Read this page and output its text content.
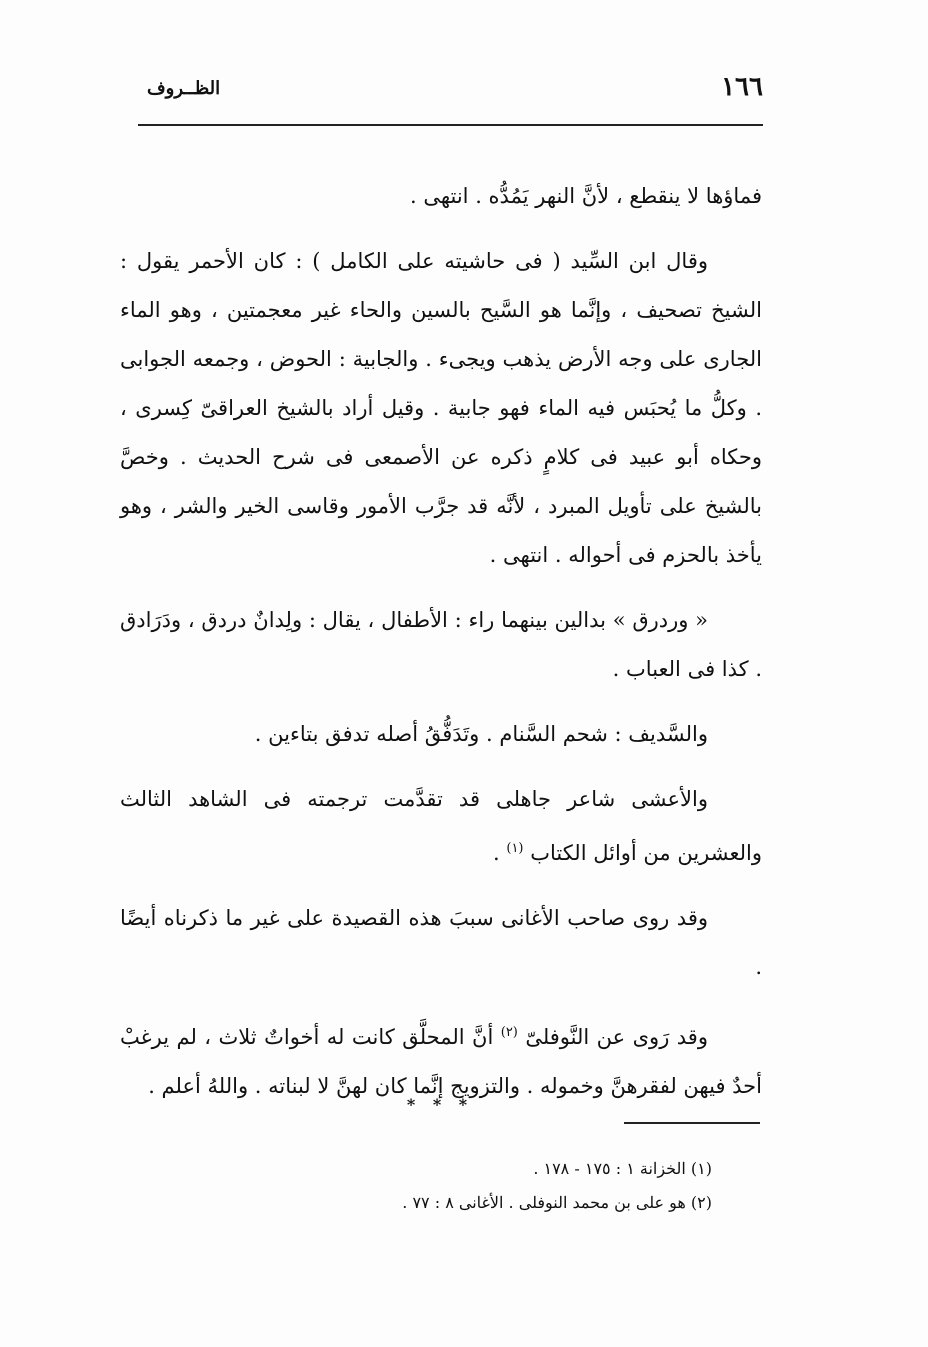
١٦٦
الظــروف

فماؤها لا ينقطع ، لأنَّ النهر يَمُدُّه . انتهى .

وقال ابن السِّيد ( فى حاشيته على الكامل ) : كان الأحمر يقول : الشيخ تصحيف ، وإنَّما هو السَّيح بالسين والحاء غير معجمتين ، وهو الماء الجارى على وجه الأرض يذهب ويجىء . والجابية : الحوض ، وجمعه الجوابى . وكلُّ ما يُحبَس فيه الماء فهو جابية . وقيل أراد بالشيخ العراقىّ كِسرى ، وحكاه أبو عبيد فى كلامٍ ذكره عن الأصمعى فى شرح الحديث . وخصَّ بالشيخ على تأويل المبرد ، لأنَّه قد جرَّب الأمور وقاسى الخير والشر ، وهو يأخذ بالحزم فى أحواله . انتهى .

« وردرق » بدالين بينهما راء : الأطفال ، يقال : ولِدانٌ دردق ، ودَرَادق . كذا فى العباب .

والسَّديف : شحم السَّنام . وتَدَفُّقُ أصله تدفق بتاءين .

والأعشى شاعر جاهلى قد تقدَّمت ترجمته فى الشاهد الثالث والعشرين من أوائل الكتاب $^{(١)}$ .

وقد روى صاحب الأغانى سببَ هذه القصيدة على غير ما ذكرناه أيضًا .

وقد رَوى عن النَّوفلىّ $^{(٢)}$ أنَّ المحلَّق كانت له أخواتٌ ثلاث ، لم يرغبْ أحدٌ فيهن لفقرهنَّ وخموله . والتزويج إنَّما كان لهنَّ لا لبناته . واللهُ أعلم .

* * *
(١) الخزانة ١ : ١٧٥ - ١٧٨ .
(٢) هو على بن محمد النوفلى . الأغانى ٨ : ٧٧ .
